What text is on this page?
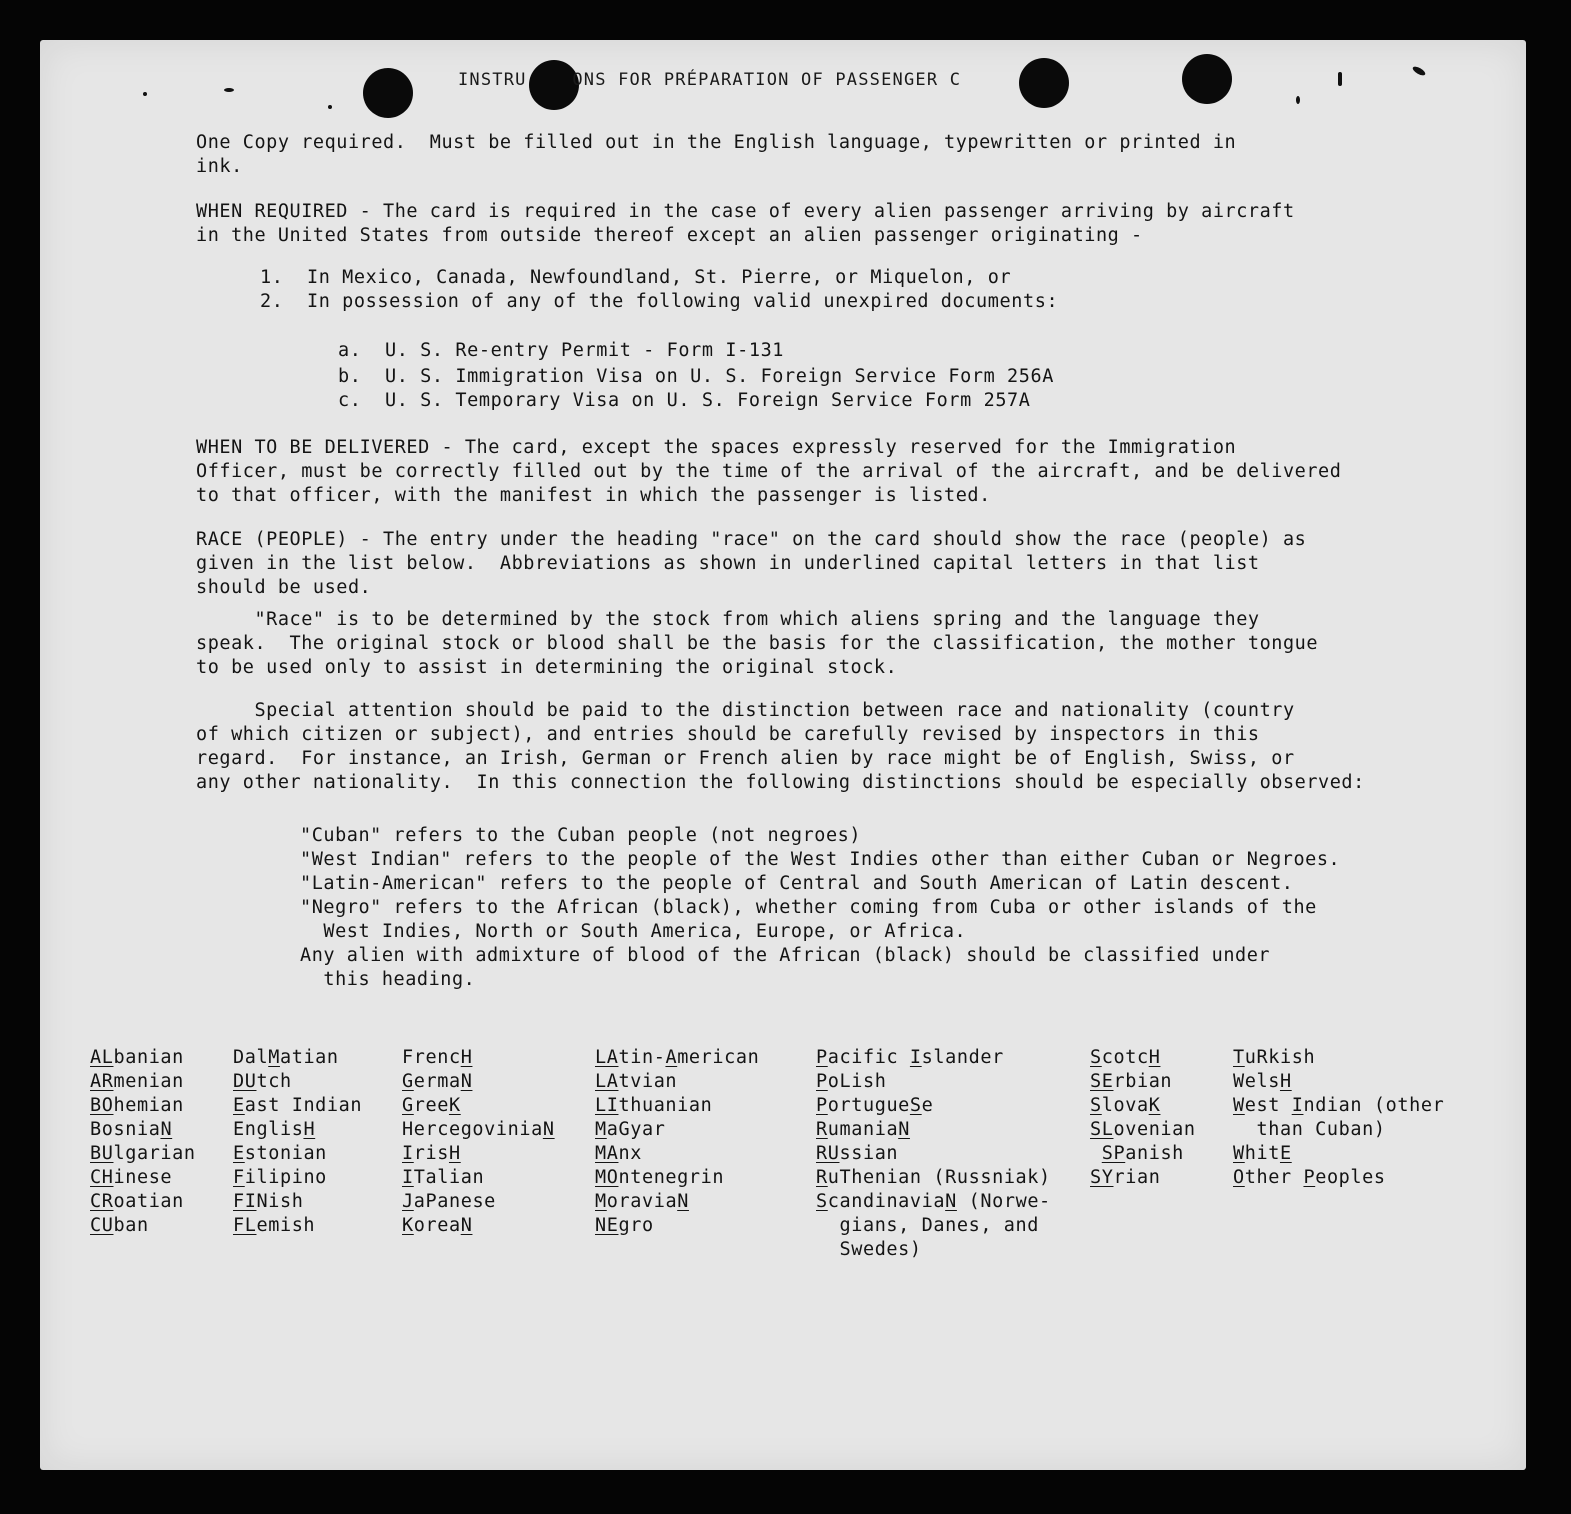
INSTRU    ONS FOR PRÉPARATION OF PASSENGER C
One Copy required.  Must be filled out in the English language, typewritten or printed in
ink.
WHEN REQUIRED - The card is required in the case of every alien passenger arriving by aircraft
in the United States from outside thereof except an alien passenger originating -
1.  In Mexico, Canada, Newfoundland, St. Pierre, or Miquelon, or
2.  In possession of any of the following valid unexpired documents:
a.  U. S. Re-entry Permit - Form I-131
b.  U. S. Immigration Visa on U. S. Foreign Service Form 256A
c.  U. S. Temporary Visa on U. S. Foreign Service Form 257A
WHEN TO BE DELIVERED - The card, except the spaces expressly reserved for the Immigration
Officer, must be correctly filled out by the time of the arrival of the aircraft, and be delivered
to that officer, with the manifest in which the passenger is listed.
RACE (PEOPLE) - The entry under the heading "race" on the card should show the race (people) as
given in the list below.  Abbreviations as shown in underlined capital letters in that list
should be used.
"Race" is to be determined by the stock from which aliens spring and the language they
speak.  The original stock or blood shall be the basis for the classification, the mother tongue
to be used only to assist in determining the original stock.
Special attention should be paid to the distinction between race and nationality (country
of which citizen or subject), and entries should be carefully revised by inspectors in this
regard.  For instance, an Irish, German or French alien by race might be of English, Swiss, or
any other nationality.  In this connection the following distinctions should be especially observed:
"Cuban" refers to the Cuban people (not negroes)
"West Indian" refers to the people of the West Indies other than either Cuban or Negroes.
"Latin-American" refers to the people of Central and South American of Latin descent.
"Negro" refers to the African (black), whether coming from Cuba or other islands of the
West Indies, North or South America, Europe, or Africa.
Any alien with admixture of blood of the African (black) should be classified under
this heading.
ALbanian
ARmenian
BOhemian
BosniaN
BUlgarian
CHinese
CRoatian
CUban
DalMatian
DUtch
East Indian
EnglisH
Estonian
Filipino
FINish
FLemish
FrencH
GermaN
GreeK
HercegoviniaN
IrisH
ITalian
JaPanese
KoreaN
LAtin-American
LAtvian
LIthuanian
MaGyar
MAnx
MOntenegrin
MoraviaN
NEgro
Pacific Islander
PoLish
PortugueSe
RumaniaN
RUssian
RuThenian (Russniak)
ScandinaviaN (Norwe-
gians, Danes, and
Swedes)
ScotcH
SErbian
SlovaK
SLovenian
SPanish
SYrian
TuRkish
WelsH
West Indian (other
than Cuban)
WhitE
Other Peoples
